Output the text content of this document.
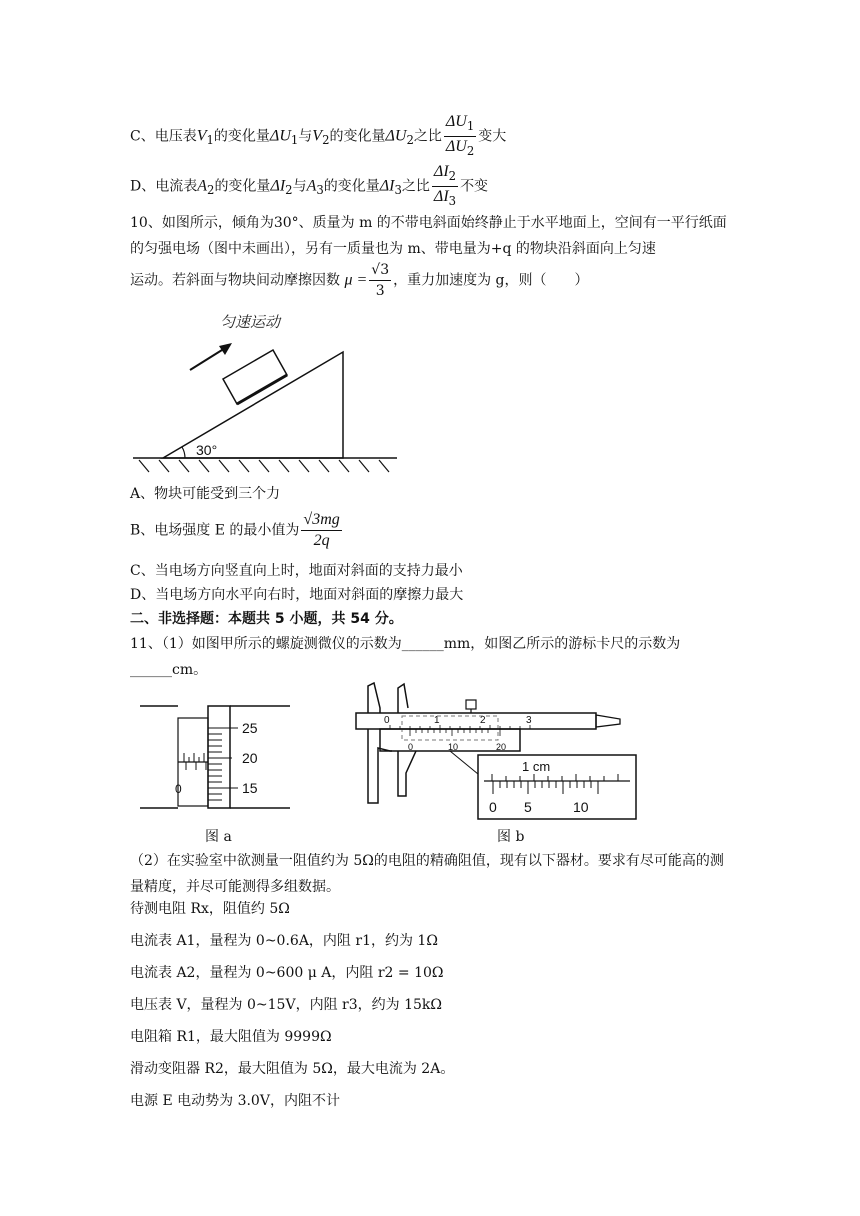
C、电压表$V_1$的变化量$\Delta U_1$与$V_2$的变化量$\Delta U_2$之比 $\frac{\Delta U_1}{\Delta U_2}$ 变大
D、电流表$A_2$的变化量$\Delta I_2$与$A_3$的变化量$\Delta I_3$之比 $\frac{\Delta I_2}{\Delta I_3}$ 不变
10、如图所示，倾角为30°、质量为 m 的不带电斜面始终静止于水平地面上，空间有一平行纸面的匀强电场（图中未画出），另有一质量也为 m、带电量为+q 的物块沿斜面向上匀速
运动。若斜面与物块间动摩擦因数 $\mu = \frac{√3}{3}$ ，重力加速度为 g，则（　　）
匀速运动
30°
A、物块可能受到三个力
B、电场强度 E 的最小值为 $\frac{√3mg}{2q}$
C、当电场方向竖直向上时，地面对斜面的支持力最小
D、当电场方向水平向右时，地面对斜面的摩擦力最大
二、非选择题：本题共 5 小题，共 54 分。
11、（1）如图甲所示的螺旋测微仪的示数为______mm，如图乙所示的游标卡尺的示数为______cm。
0
25
20
15
图 a
0	1	2	3
0	10	20
1 cm
0 5	10
图 b
（2）在实验室中欲测量一阻值约为 5Ω的电阻的精确阻值，现有以下器材。要求有尽可能高的测量精度，并尽可能测得多组数据。
待测电阻 Rx，阻值约 5Ω
电流表 A1，量程为 0~0.6A，内阻 r1，约为 1Ω
电流表 A2，量程为 0~600 μ A，内阻 r2 = 10Ω
电压表 V，量程为 0~15V，内阻 r3，约为 15kΩ
电阻箱 R1，最大阻值为 9999Ω
滑动变阻器 R2，最大阻值为 5Ω，最大电流为 2A。
电源 E 电动势为 3.0V，内阻不计
